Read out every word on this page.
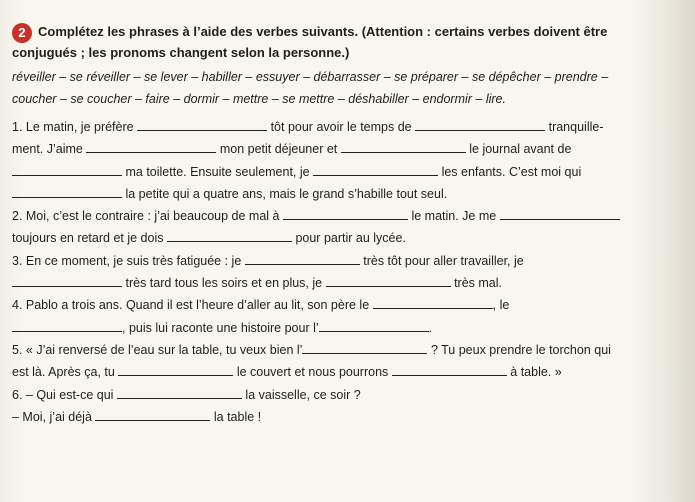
2 Complétez les phrases à l’aide des verbes suivants. (Attention : certains verbes doivent être
conjugués ; les pronoms changent selon la personne.)
réveiller – se réveiller – se lever – habiller – essuyer – débarrasser – se préparer – se dépêcher – prendre –
coucher – se coucher – faire – dormir – mettre – se mettre – déshabiller – endormir – lire.
1. Le matin, je préfère	tôt pour avoir le temps de	tranquille-
ment. J’aime	mon petit déjeuner et	le journal avant de
ma toilette. Ensuite seulement, je	les enfants. C’est moi qui
la petite qui a quatre ans, mais le grand s’habille tout seul.
2. Moi, c’est le contraire : j’ai beaucoup de mal à	le matin. Je me
toujours en retard et je dois	pour partir au lycée.
3. En ce moment, je suis très fatiguée : je	très tôt pour aller travailler, je
très tard tous les soirs et en plus, je	très mal.
4. Pablo a trois ans. Quand il est l’heure d’aller au lit, son père le	, le
, puis lui raconte une histoire pour l’	.
5. « J’ai renversé de l’eau sur la table, tu veux bien l’	? Tu peux prendre le torchon qui
est là. Après ça, tu	le couvert et nous pourrons	à table. »
6. – Qui est-ce qui	la vaisselle, ce soir ?
– Moi, j’ai déjà	la table !
